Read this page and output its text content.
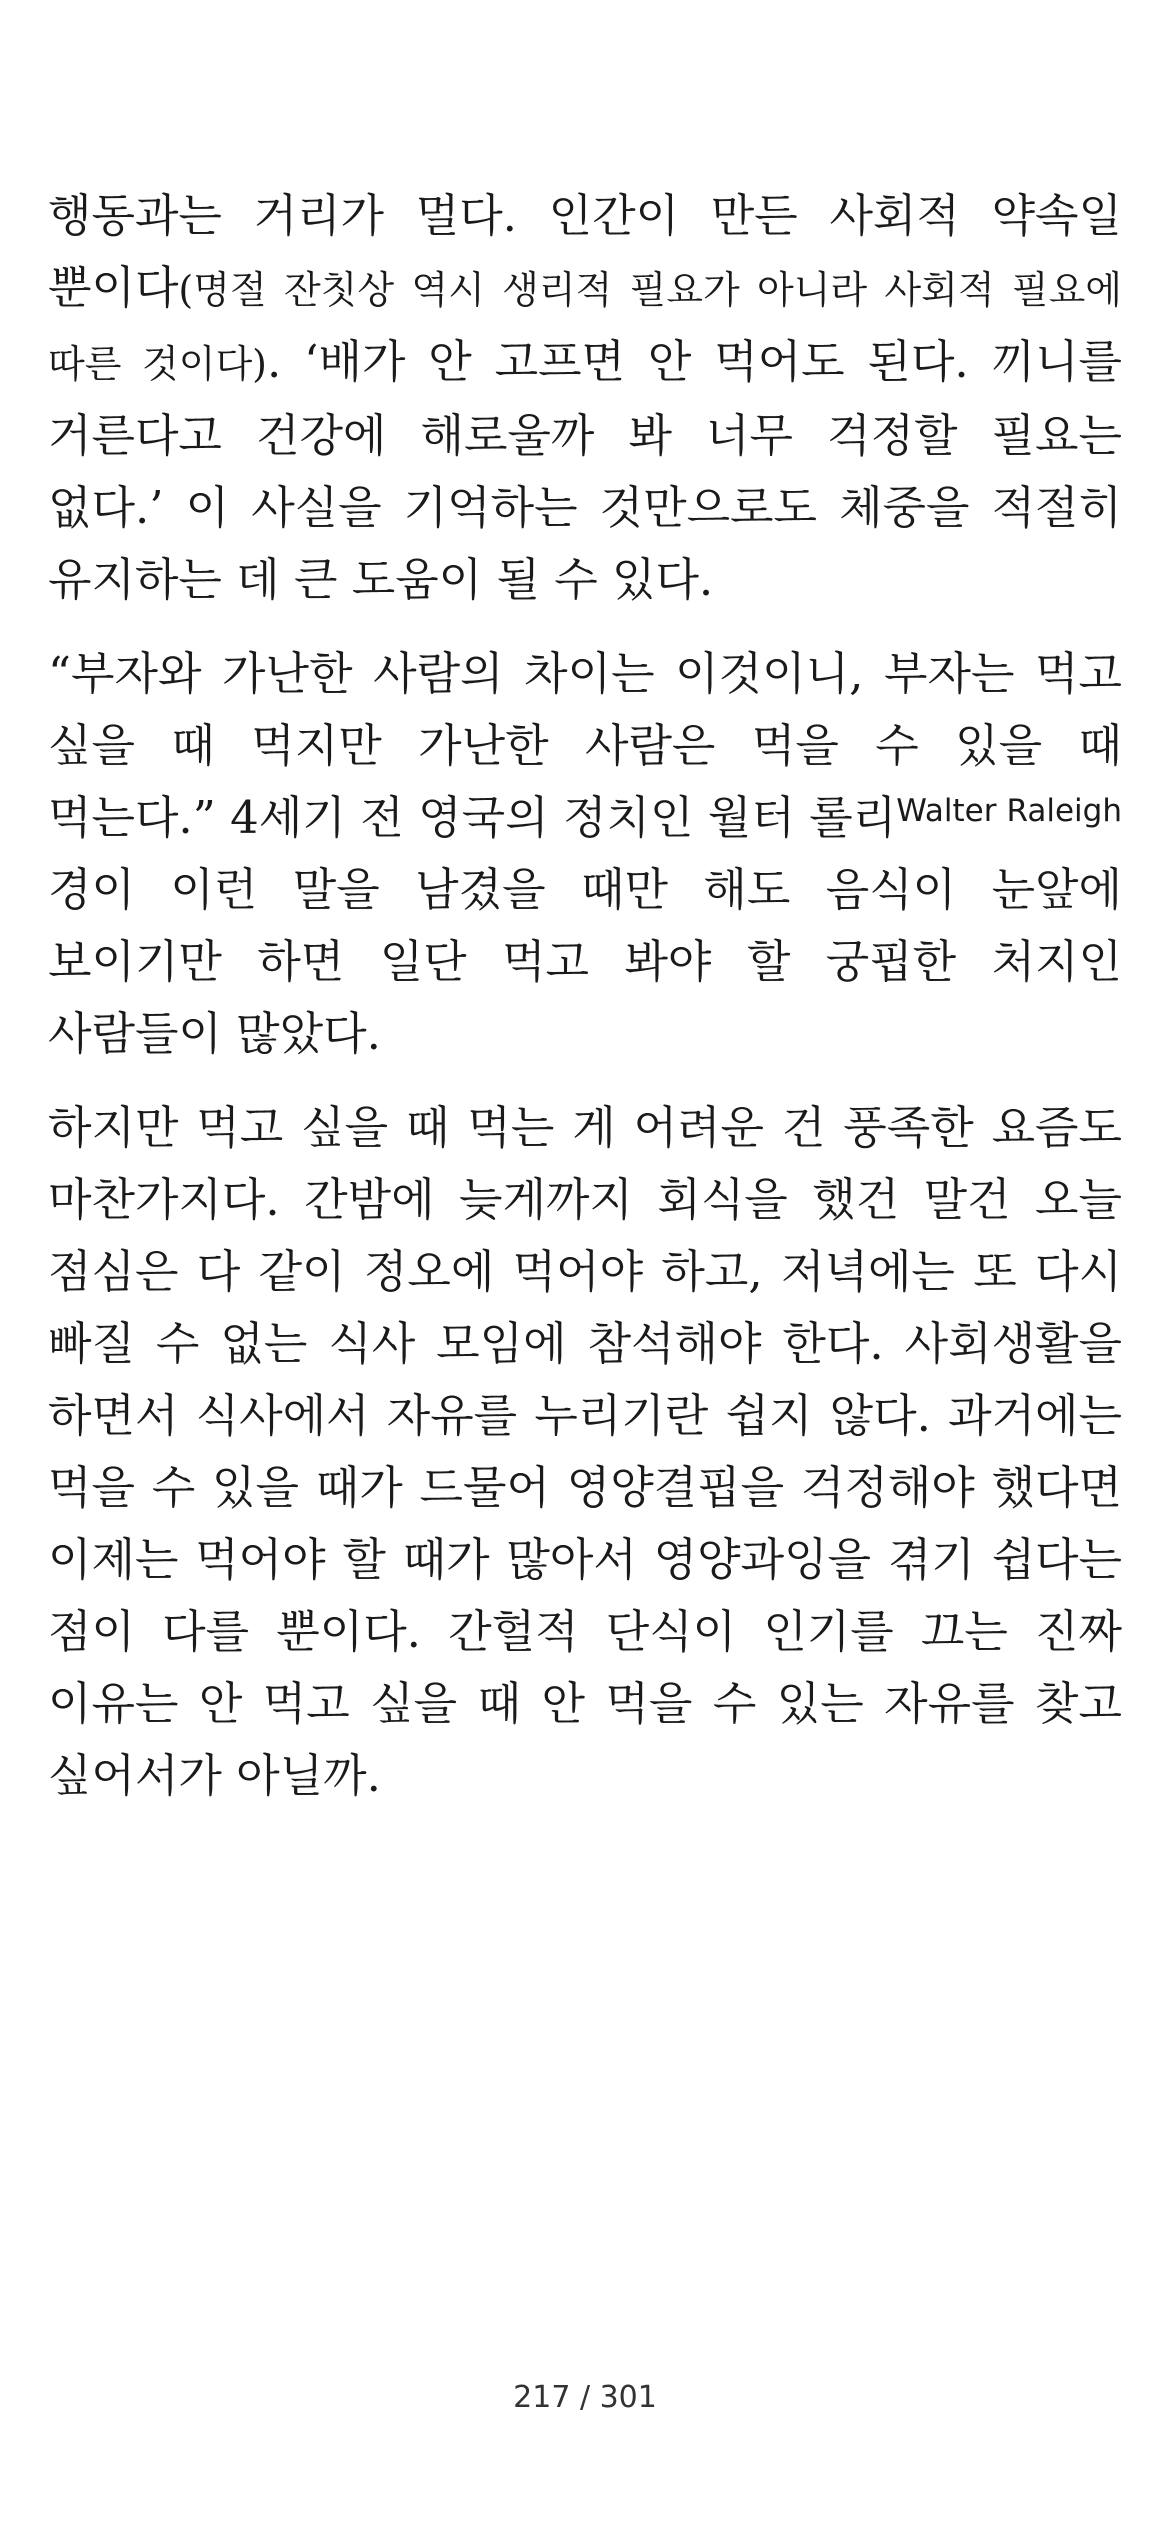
행동과는 거리가 멀다. 인간이 만든 사회적 약속일 뿐이다(명절 잔칫상 역시 생리적 필요가 아니라 사회적 필요에 따른 것이다). ‘배가 안 고프면 안 먹어도 된다. 끼니를 거른다고 건강에 해로울까 봐 너무 걱정할 필요는 없다.’ 이 사실을 기억하는 것만으로도 체중을 적절히 유지하는 데 큰 도움이 될 수 있다.

“부자와 가난한 사람의 차이는 이것이니, 부자는 먹고 싶을 때 먹지만 가난한 사람은 먹을 수 있을 때 먹는다.” 4세기 전 영국의 정치인 월터 롤리$^{Walter Raleigh}$ 경이 이런 말을 남겼을 때만 해도 음식이 눈앞에 보이기만 하면 일단 먹고 봐야 할 궁핍한 처지인 사람들이 많았다.

하지만 먹고 싶을 때 먹는 게 어려운 건 풍족한 요즘도 마찬가지다. 간밤에 늦게까지 회식을 했건 말건 오늘 점심은 다 같이 정오에 먹어야 하고, 저녁에는 또 다시 빠질 수 없는 식사 모임에 참석해야 한다. 사회생활을 하면서 식사에서 자유를 누리기란 쉽지 않다. 과거에는 먹을 수 있을 때가 드물어 영양결핍을 걱정해야 했다면 이제는 먹어야 할 때가 많아서 영양과잉을 겪기 쉽다는 점이 다를 뿐이다. 간헐적 단식이 인기를 끄는 진짜 이유는 안 먹고 싶을 때 안 먹을 수 있는 자유를 찾고 싶어서가 아닐까.

217 / 301
